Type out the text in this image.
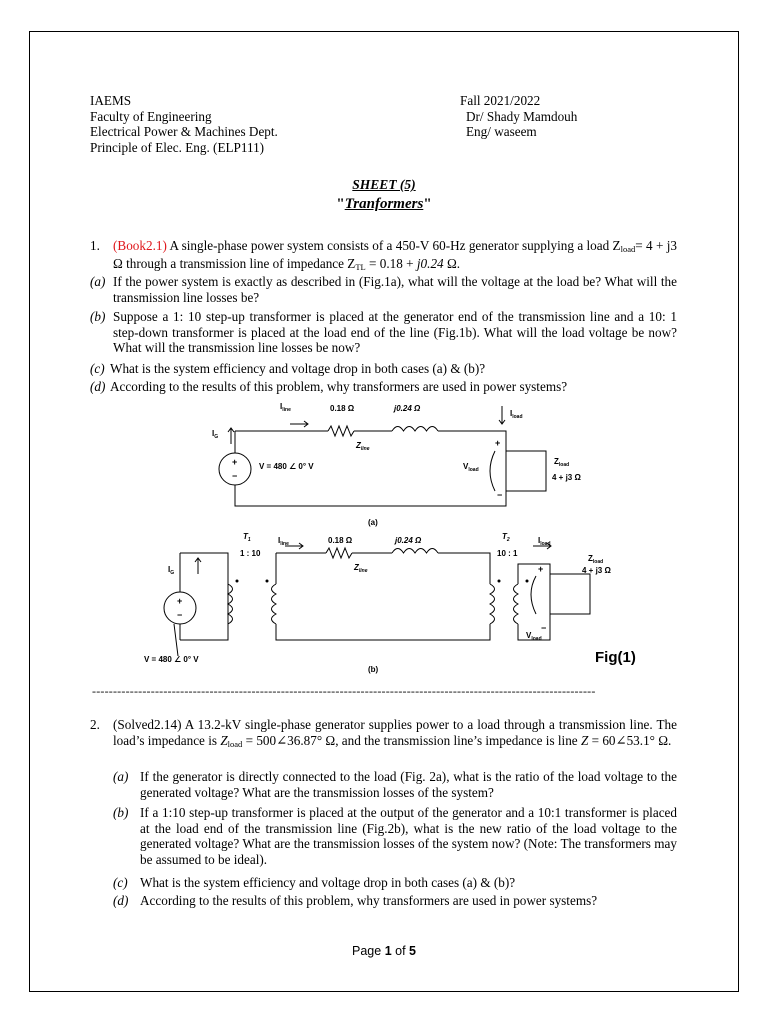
IAEMS
Faculty of Engineering
Electrical Power & Machines Dept.
Principle of Elec. Eng. (ELP111)
Fall 2021/2022
Dr/ Shady Mamdouh
Eng/ waseem
SHEET (5)
"Tranformers"
1. (Book2.1) A single-phase power system consists of a 450-V 60-Hz generator supplying a load Zload= 4 + j3 Ω through a transmission line of impedance ZTL = 0.18 + j0.24 Ω.
(a) If the power system is exactly as described in (Fig.1a), what will the voltage at the load be? What will the transmission line losses be?
(b) Suppose a 1: 10 step-up transformer is placed at the generator end of the transmission line and a 10: 1 step-down transformer is placed at the load end of the line (Fig.1b). What will the load voltage be now? What will the transmission line losses be now?
(c) What is the system efficiency and voltage drop in both cases (a) & (b)?
(d) According to the results of this problem, why transformers are used in power systems?
$I_{line}$	0.18 Ω	j0.24 Ω
$Z_{line}$
$I_G$
+
−
V = 480 ∠ 0° V
$I_{load}$
+
−
$V_{load}$
$Z_{load}$
4 + j3 Ω
(a)
$T_1$
1 : 10
$I_{line}$	0.18 Ω	j0.24 Ω	$T_2$
10 : 1
$I_{load}$
$I_G$
+
−
$Z_{line}$	+
−
$Z_{load}$
4 + j3 Ω
$V_{load}$
V = 480 ∠ 0° V
(b)
Fig(1)
------------------------------------------------------------------------------------------------------------------------
2. (Solved2.14) A 13.2-kV single-phase generator supplies power to a load through a transmission line. The load’s impedance is Zload = 500∠36.87° Ω, and the transmission line’s impedance is line Z = 60∠53.1° Ω.
(a) If the generator is directly connected to the load (Fig. 2a), what is the ratio of the load voltage to the generated voltage? What are the transmission losses of the system?
(b) If a 1:10 step-up transformer is placed at the output of the generator and a 10:1 transformer is placed at the load end of the transmission line (Fig.2b), what is the new ratio of the load voltage to the generated voltage? What are the transmission losses of the system now? (Note: The transformers may be assumed to be ideal).
(c) What is the system efficiency and voltage drop in both cases (a) & (b)?
(d) According to the results of this problem, why transformers are used in power systems?
Page 1 of 5
